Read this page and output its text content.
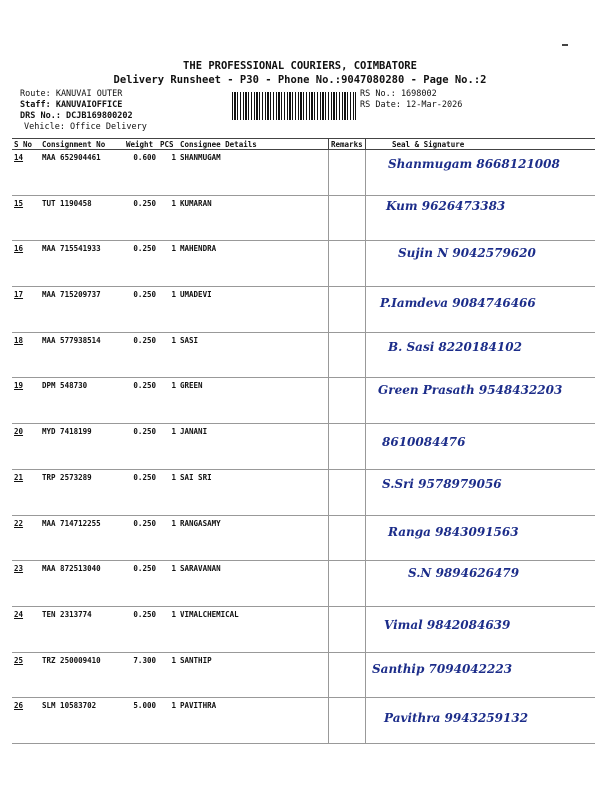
THE PROFESSIONAL COURIERS, COIMBATORE
Delivery Runsheet - P30 - Phone No.:9047080280 - Page No.:2
Route: KANUVAI OUTER
Staff: KANUVAIOFFICE
DRS No.: DCJB169800202
Vehicle: Office Delivery
RS No.: 1698002
RS Date: 12-Mar-2026
S No	Consignment No	Weight	PCS	Consignee Details	Remarks	Seal & Signature
14	MAA 652904461	0.600	1	SHANMUGAM		Shanmugam 8668121008

15	TUT 1190458	0.250	1	KUMARAN		Kum 9626473383

16	MAA 715541933	0.250	1	MAHENDRA		Sujin N 9042579620

17	MAA 715209737	0.250	1	UMADEVI		P.Iamdeva 9084746466

18	MAA 577938514	0.250	1	SASI		B. Sasi 8220184102

19	DPM 548730	0.250	1	GREEN		Green Prasath 9548432203

20	MYD 7418199	0.250	1	JANANI		8610084476

21	TRP 2573289	0.250	1	SAI SRI		S.Sri 9578979056

22	MAA 714712255	0.250	1	RANGASAMY		Ranga 9843091563

23	MAA 872513040	0.250	1	SARAVANAN		S.N 9894626479

24	TEN 2313774	0.250	1	VIMALCHEMICAL		Vimal 9842084639

25	TRZ 250009410	7.300	1	SANTHIP		Santhip 7094042223

26	SLM 10583702	5.000	1	PAVITHRA		Pavithra 9943259132
